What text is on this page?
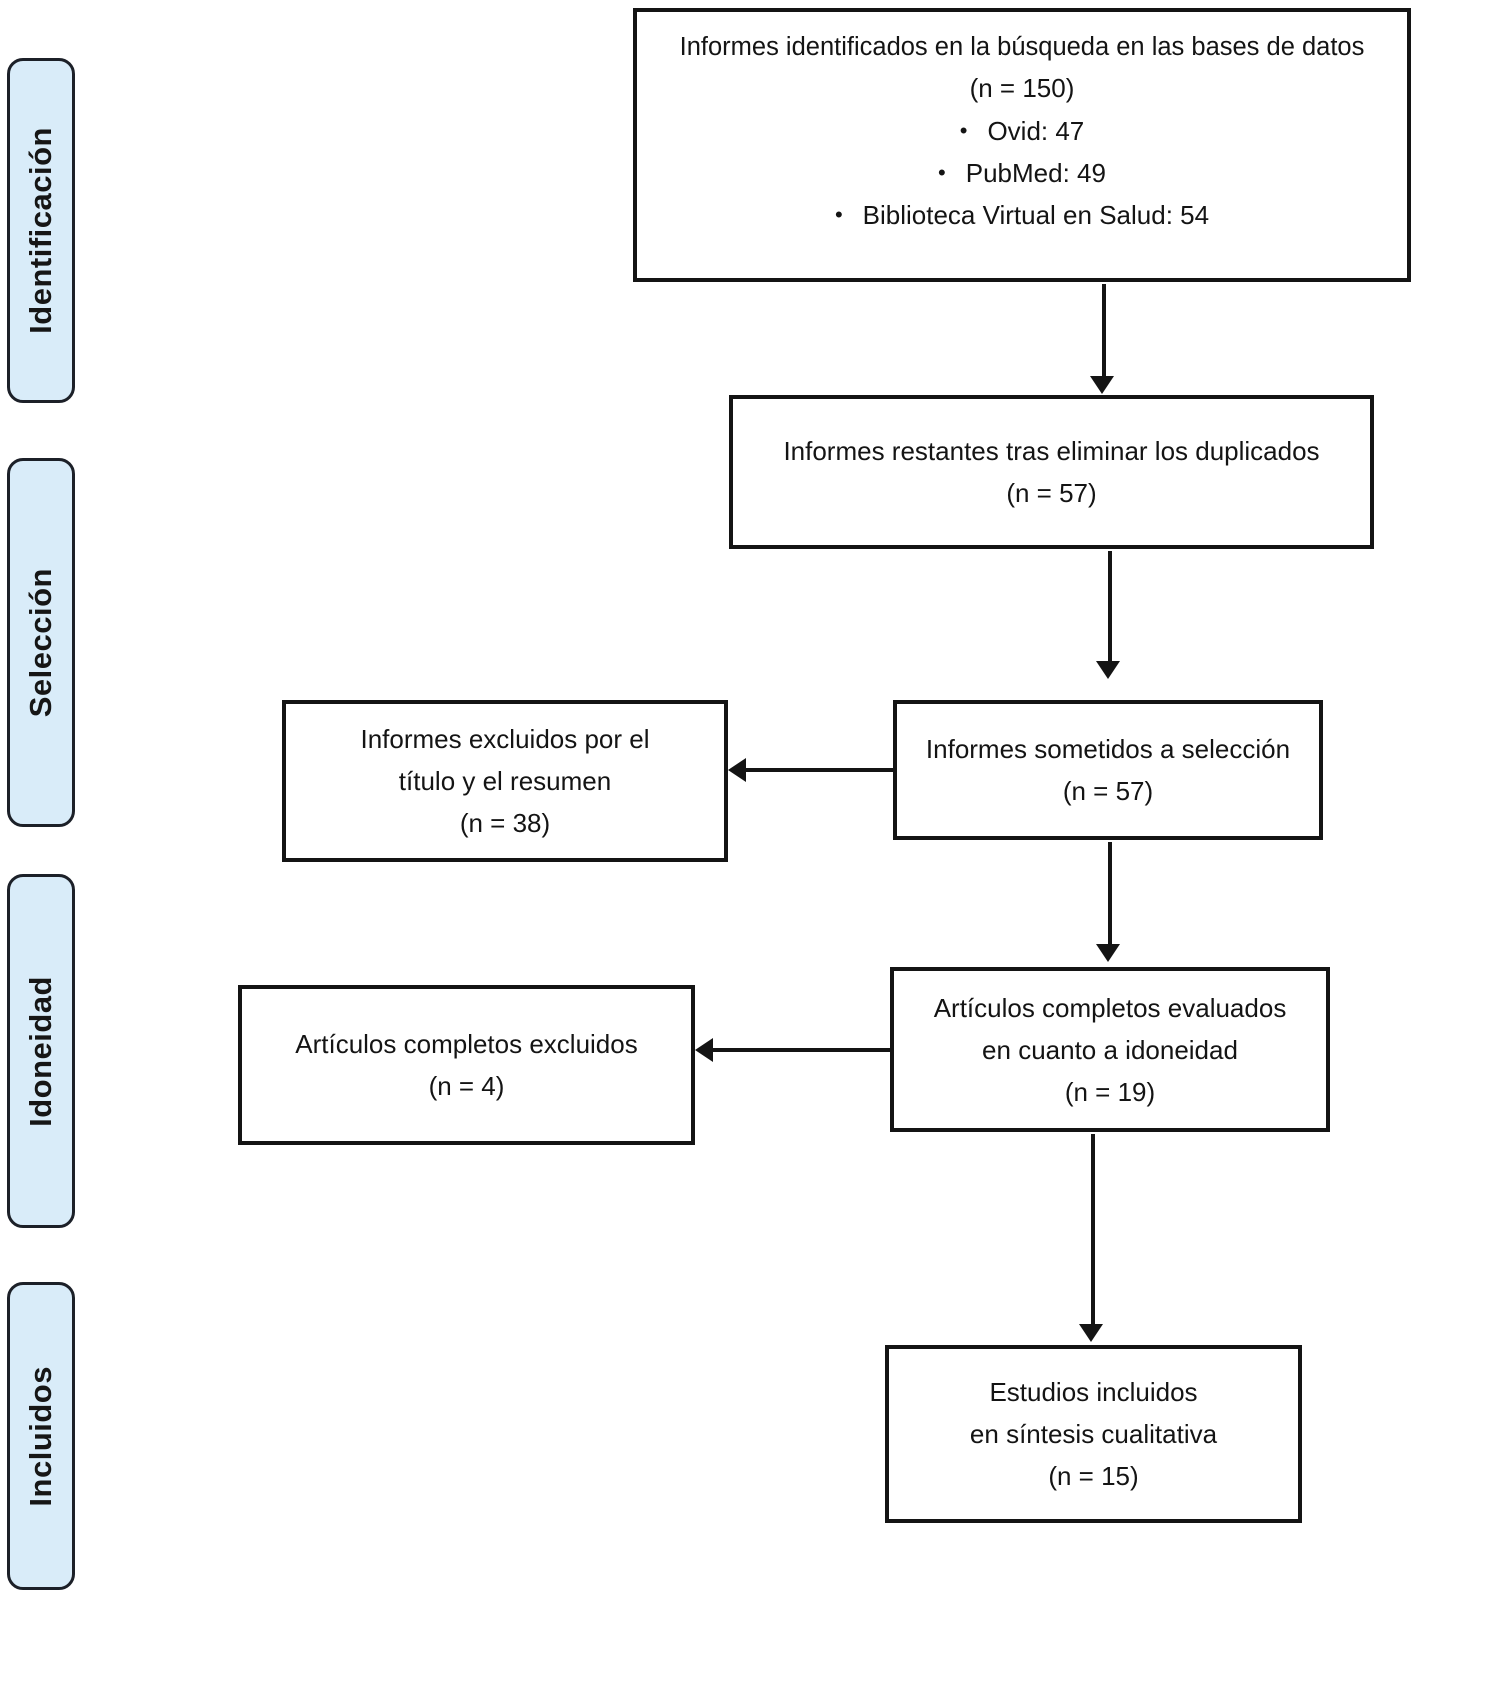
Identificación
Selección
Idoneidad
Incluidos
Informes identificados en la búsqueda en las bases de datos
(n = 150)
• Ovid: 47
• PubMed: 49
• Biblioteca Virtual en Salud: 54
Informes restantes tras eliminar los duplicados
(n = 57)
Informes sometidos a selección
(n = 57)
Informes excluidos por el
título y el resumen
(n = 38)
Artículos completos evaluados
en cuanto a idoneidad
(n = 19)
Artículos completos excluidos
(n = 4)
Estudios incluidos
en síntesis cualitativa
(n = 15)
